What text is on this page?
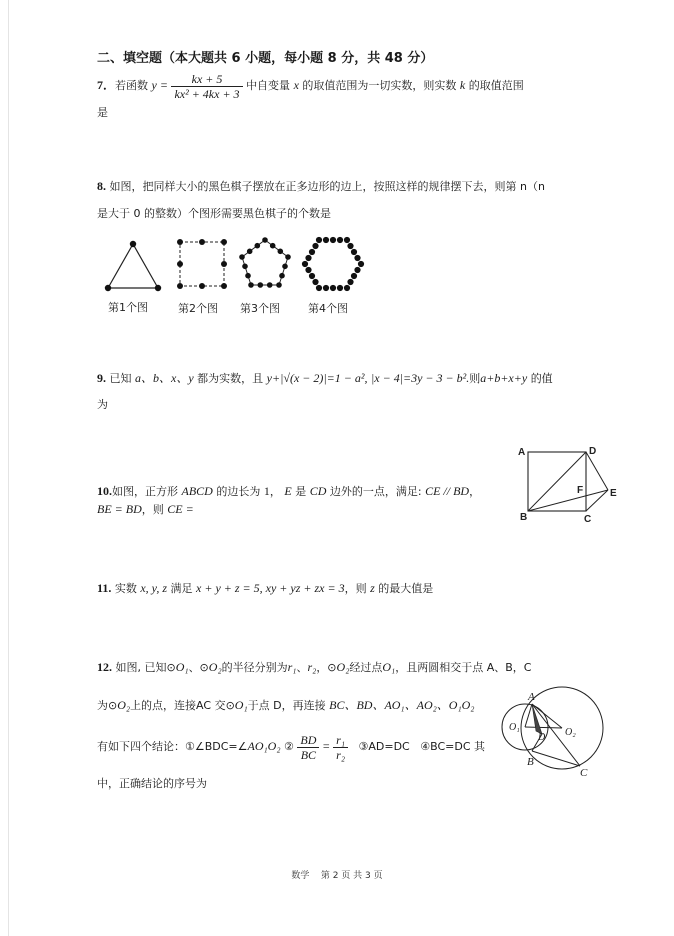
二、填空题（本大题共 6 小题，每小题 8 分，共 48 分）
7．若函数 $y = \frac{kx + 5}{\text{kx² + 4kx + 3}}$ 中自变量 x 的取值范围为一切实数，则实数 k 的取值范围
是
8. 如图，把同样大小的黑色棋子摆放在正多边形的边上，按照这样的规律摆下去，则第 n（n
是大于 0 的整数）个图形需要黑色棋子的个数是
第1个图	第2个图 第3个图	第4个图
9. 已知 a、b、x、y 都为实数，且 y+|√(x − 2)|=1 − a², |x − 4|=3y − 3 − b².则a+b+x+y 的值
为
10.如图，正方形 ABCD 的边长为 1， E 是 CD 边外的一点，满足: CE // BD，
BE = BD，则 CE =
A	D
F	E
B	C
11. 实数 x, y, z 满足 x + y + z = 5, xy + yz + zx = 3，则 z 的最大值是
12. 如图, 已知⊙O₁、⊙O₂的半径分别为r₁、r₂，⊙O₂经过点O₁，且两圆相交于点 A、B，C
为⊙O₂上的点，连接AC 交⊙O₁于点 D，再连接 BC、BD、AO₁、AO₂、O₁O₂
有如下四个结论：①∠BDC=∠AO₁O₂ ② $\frac{BD}{BC} = \frac{\text{r₁}}{\text{r₂}}$ ③AD=DC ④BC=DC 其
中，正确结论的序号为
A
O₁
D O₂
B
C
数学    第 2 页 共 3 页
